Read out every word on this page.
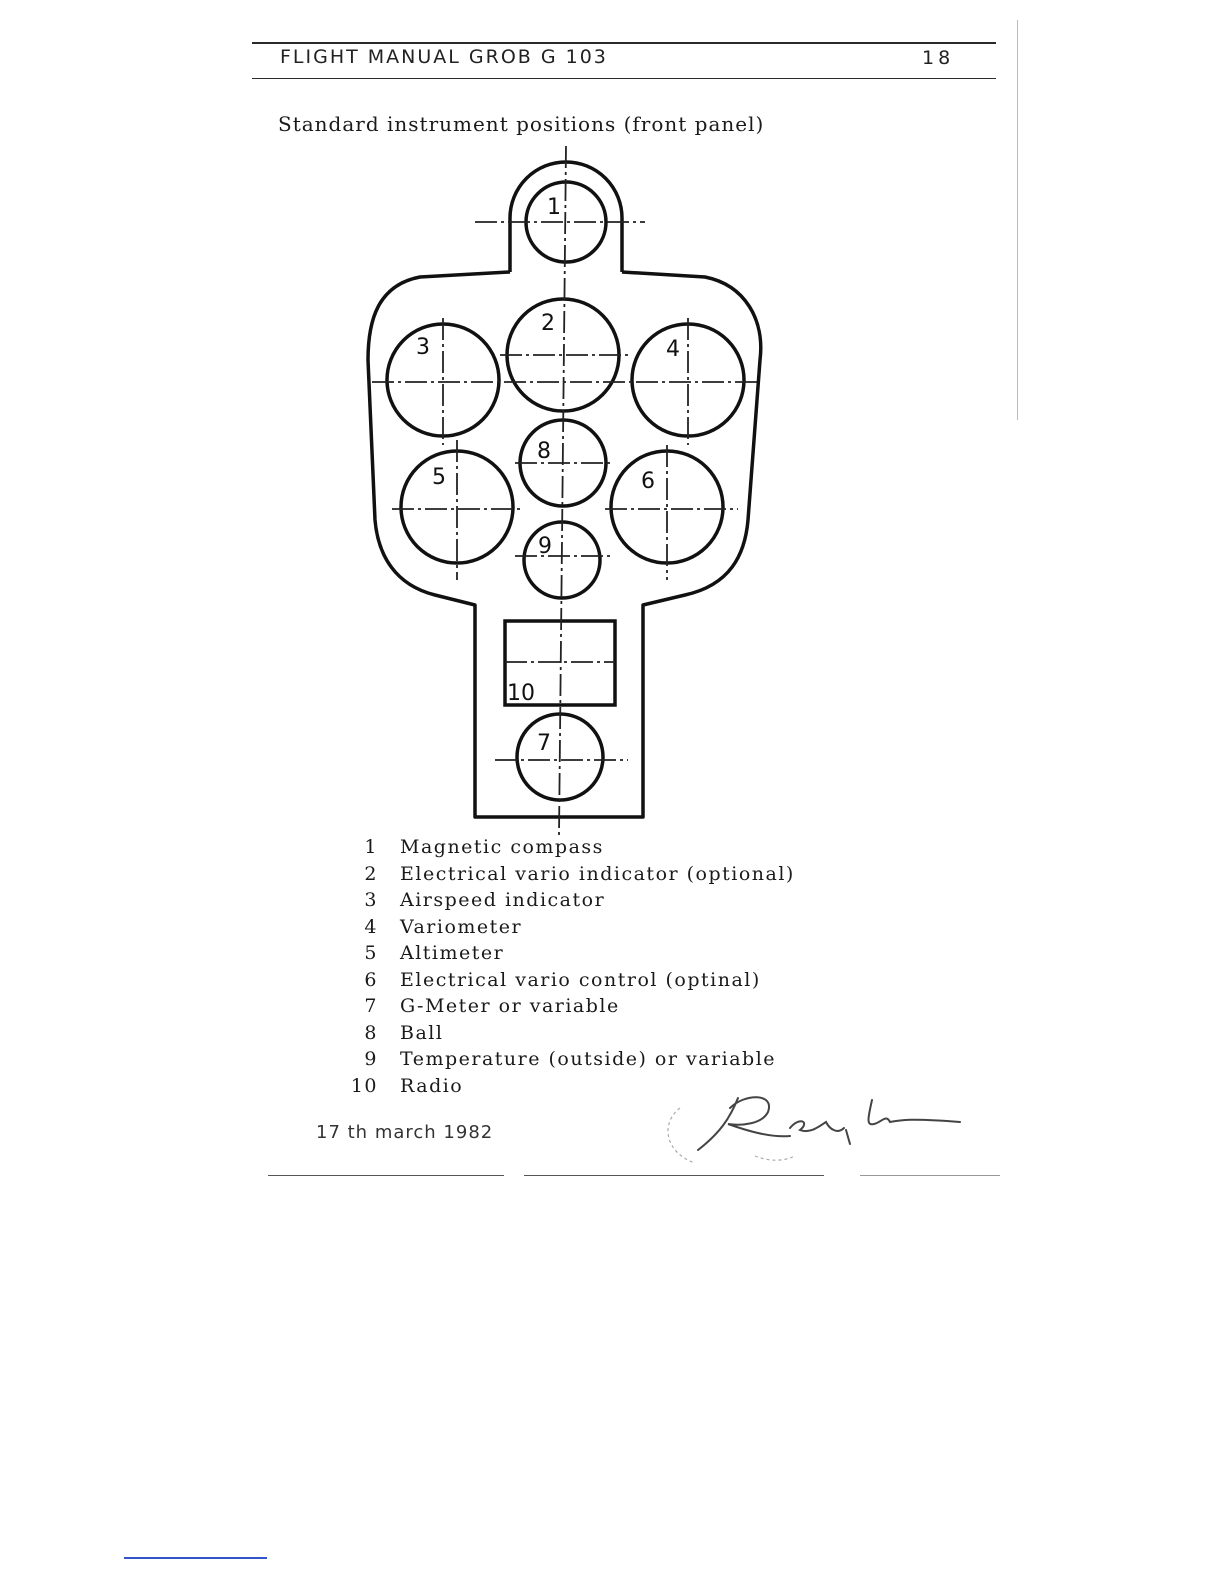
FLIGHT MANUAL GROB G 103	18
Standard instrument positions (front panel)
1
2
3	4
5	6
7
8
9
10
1 Magnetic compass
2 Electrical vario indicator (optional)
3 Airspeed indicator
4 Variometer
5 Altimeter
6 Electrical vario control (optinal)
7 G-Meter or variable
8 Ball
9 Temperature (outside) or variable
10 Radio
17 th march 1982
